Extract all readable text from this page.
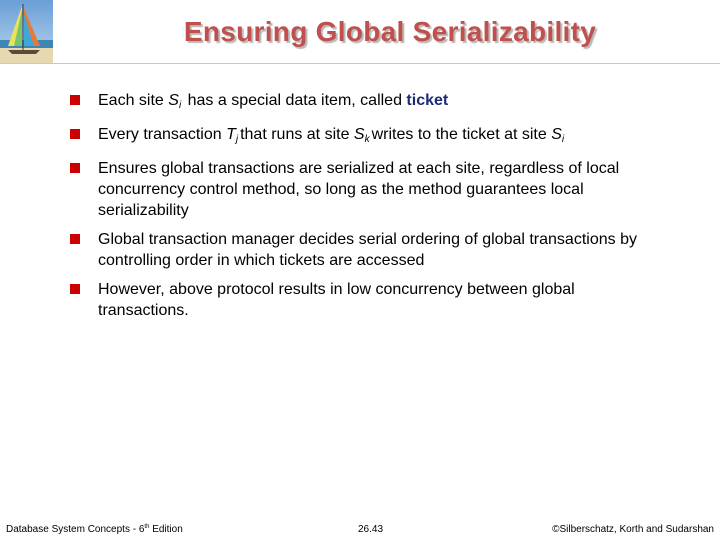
Ensuring Global Serializability
Each site Si has a special data item, called ticket
Every transaction Tj that runs at site Sk writes to the ticket at site Si
Ensures global transactions are serialized at each site, regardless of local concurrency control method, so long as the method guarantees local serializability
Global transaction manager decides serial ordering of global transactions by controlling order in which tickets are accessed
However, above protocol results in low concurrency between global transactions.
Database System Concepts - 6th Edition	26.43	©Silberschatz, Korth and Sudarshan
